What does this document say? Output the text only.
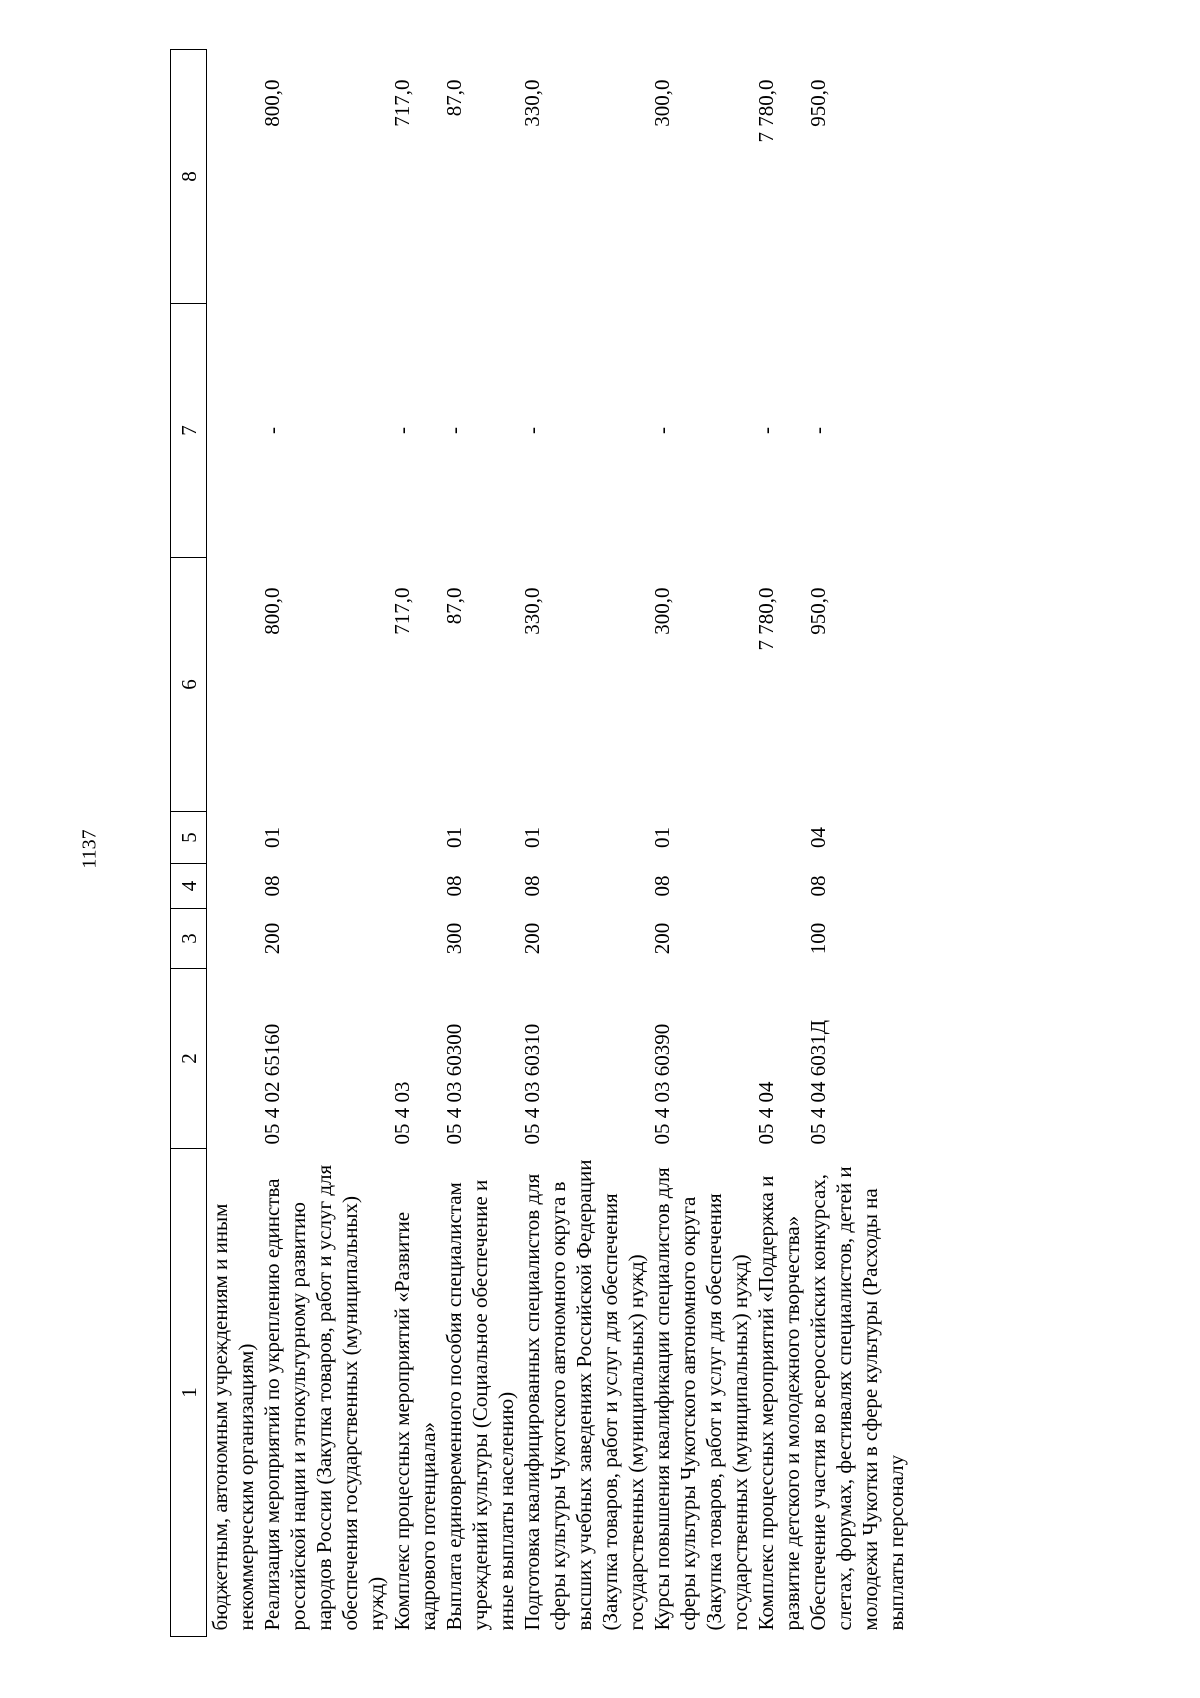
1137
1	2	3	4	5	6	7	8
бюджетным, автономным учреждениям и иным некоммерческим организациям)							
Реализация мероприятий по укреплению единства российской нации и этнокультурному развитию народов России (Закупка товаров, работ и услуг для обеспечения государственных (муниципальных) нужд)	05 4 02 65160	200	08	01	800,0	-	800,0
Комплекс процессных мероприятий «Развитие кадрового потенциала»	05 4 03				717,0	-	717,0
Выплата единовременного пособия специалистам учреждений культуры (Социальное обеспечение и иные выплаты населению)	05 4 03 60300	300	08	01	87,0	-	87,0
Подготовка квалифицированных специалистов для сферы культуры Чукотского автономного округа в высших учебных заведениях Российской Федерации (Закупка товаров, работ и услуг для обеспечения государственных (муниципальных) нужд)	05 4 03 60310	200	08	01	330,0	-	330,0
Курсы повышения квалификации специалистов для сферы культуры Чукотского автономного округа (Закупка товаров, работ и услуг для обеспечения государственных (муниципальных) нужд)	05 4 03 60390	200	08	01	300,0	-	300,0
Комплекс процессных мероприятий «Поддержка и развитие детского и молодежного творчества»	05 4 04				7 780,0	-	7 780,0
Обеспечение участия во всероссийских конкурсах, слетах, форумах, фестивалях специалистов, детей и молодежи Чукотки в сфере культуры (Расходы на выплаты персоналу	05 4 04 6031Д	100	08	04	950,0	-	950,0
